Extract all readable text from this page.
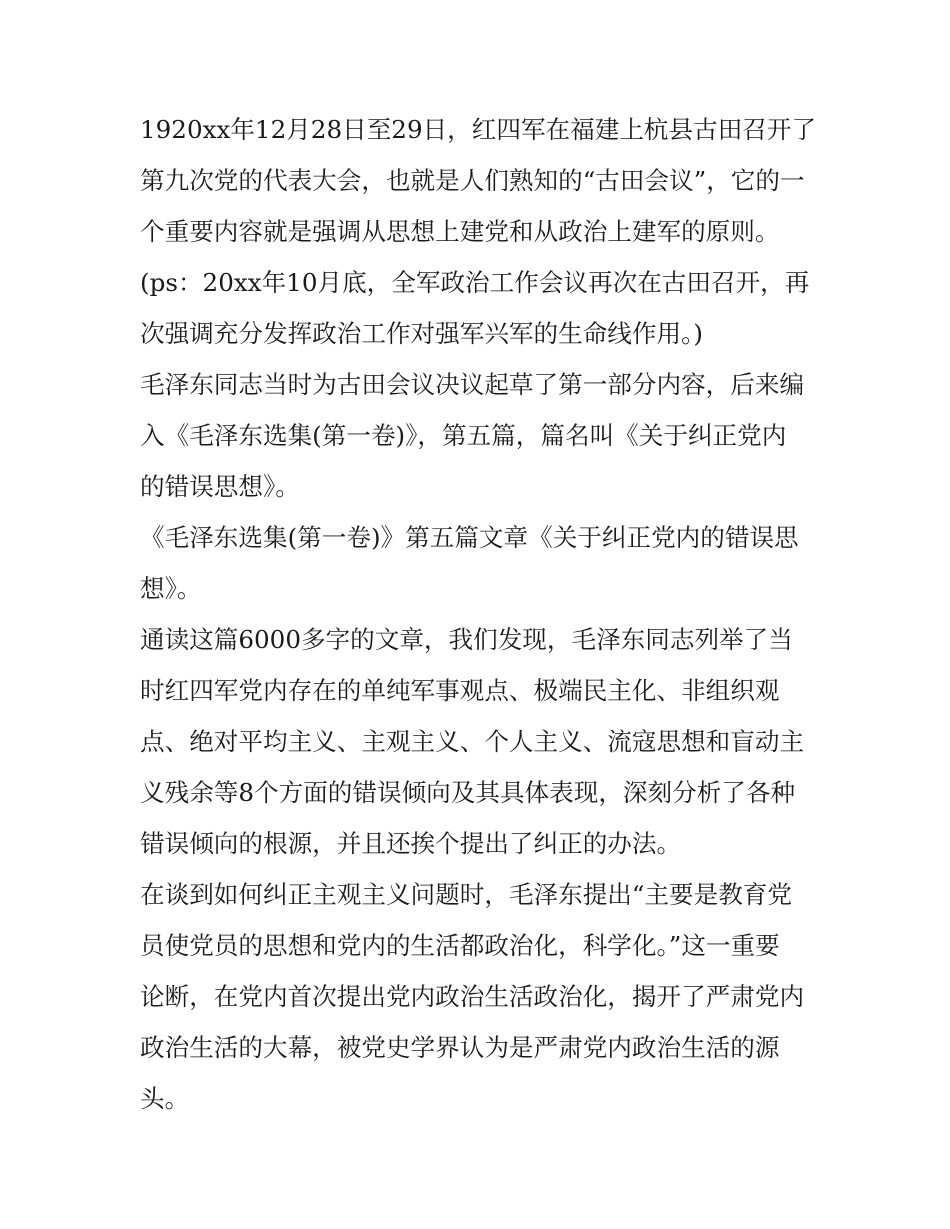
1920xx年12月28日至29日，红四军在福建上杭县古田召开了
第九次党的代表大会，也就是人们熟知的“古田会议”，它的一
个重要内容就是强调从思想上建党和从政治上建军的原则。

(ps：20xx年10月底，全军政治工作会议再次在古田召开，再
次强调充分发挥政治工作对强军兴军的生命线作用。)

毛泽东同志当时为古田会议决议起草了第一部分内容，后来编
入《毛泽东选集(第一卷)》，第五篇，篇名叫《关于纠正党内
的错误思想》。

《毛泽东选集(第一卷)》第五篇文章《关于纠正党内的错误思
想》。

通读这篇6000多字的文章，我们发现，毛泽东同志列举了当
时红四军党内存在的单纯军事观点、极端民主化、非组织观
点、绝对平均主义、主观主义、个人主义、流寇思想和盲动主
义残余等8个方面的错误倾向及其具体表现，深刻分析了各种
错误倾向的根源，并且还挨个提出了纠正的办法。

在谈到如何纠正主观主义问题时，毛泽东提出“主要是教育党
员使党员的思想和党内的生活都政治化，科学化。”这一重要
论断，在党内首次提出党内政治生活政治化，揭开了严肃党内
政治生活的大幕，被党史学界认为是严肃党内政治生活的源
头。
